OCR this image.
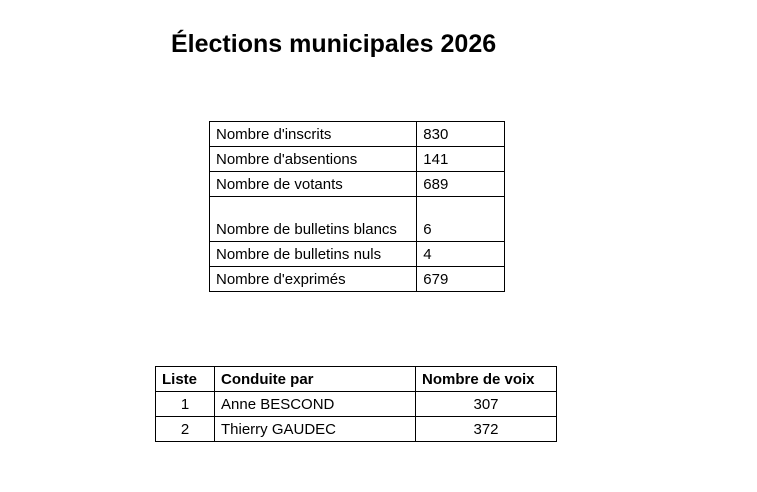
Élections municipales 2026
Nombre d'inscrits	830
Nombre d'absentions	141
Nombre de votants	689
Nombre de bulletins blancs	6
Nombre de bulletins nuls	4
Nombre d'exprimés	679
Liste	Conduite par	Nombre de voix
1	Anne BESCOND	307
2	Thierry GAUDEC	372
